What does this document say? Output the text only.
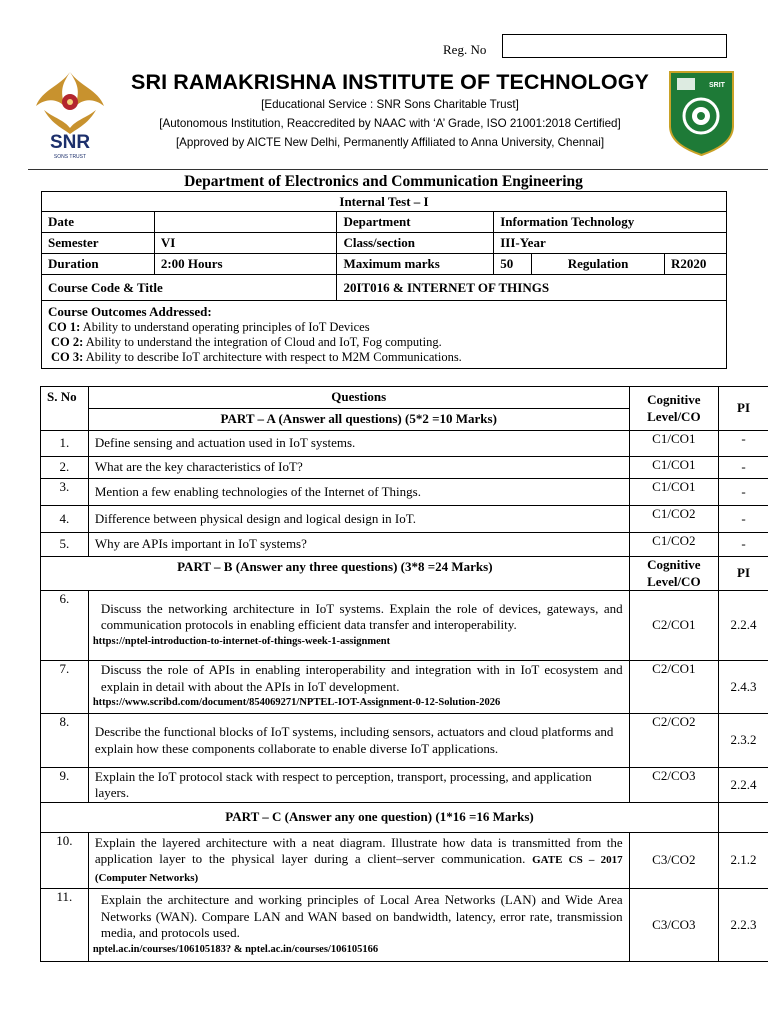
Reg. No
SNR
SONS TRUST
SRI RAMAKRISHNA INSTITUTE OF TECHNOLOGY
[Educational Service : SNR Sons Charitable Trust]
[Autonomous Institution, Reaccredited by NAAC with ‘A’ Grade, ISO 21001:2018 Certified]
[Approved by AICTE New Delhi, Permanently Affiliated to Anna University, Chennai]
SRIT
Department of Electronics and Communication Engineering
Internal Test – I					
Date		Department	Information Technology		
Semester	VI	Class/section	III-Year		
Duration	2:00 Hours	Maximum marks	50	Regulation	R2020
Course Code & Title		20IT016 & INTERNET OF THINGS			

Course Outcomes Addressed:
CO 1: Ability to understand operating principles of IoT Devices
CO 2: Ability to understand the integration of Cloud and IoT, Fog computing.
CO 3: Ability to describe IoT architecture with respect to M2M Communications.					
S. No	Questions	Cognitive Level/CO	PI
	PART – A (Answer all questions) (5*2 =10 Marks)		
1.	Define sensing and actuation used in IoT systems.	C1/CO1	-
2.	What are the key characteristics of IoT?	C1/CO1	-
3.	Mention a few enabling technologies of the Internet of Things.	C1/CO1	-
4.	Difference between physical design and logical design in IoT.	C1/CO2	-
5.	Why are APIs important in IoT systems?	C1/CO2	-
PART – B (Answer any three questions) (3*8 =24 Marks)		Cognitive Level/CO	PI
6.	Discuss the networking architecture in IoT systems. Explain the role of devices, gateways, and communication protocols in enabling efficient data transfer and interoperability.
https://nptel-introduction-to-internet-of-things-week-1-assignment	C2/CO1	2.2.4
7.	Discuss the role of APIs in enabling interoperability and integration with in IoT ecosystem and explain in detail with about the APIs in IoT development.
https://www.scribd.com/document/854069271/NPTEL-IOT-Assignment-0-12-Solution-2026	C2/CO1	2.4.3
8.	Describe the functional blocks of IoT systems, including sensors, actuators and cloud platforms and explain how these components collaborate to enable diverse IoT applications.	C2/CO2	2.3.2
9.	Explain the IoT protocol stack with respect to perception, transport, processing, and application layers.	C2/CO3	2.2.4
PART – C (Answer any one question) (1*16 =16 Marks)			
10.	Explain the layered architecture with a neat diagram. Illustrate how data is transmitted from the application layer to the physical layer during a client–server communication. GATE CS – 2017 (Computer Networks)	C3/CO2	2.1.2
11.	Explain the architecture and working principles of Local Area Networks (LAN) and Wide Area Networks (WAN). Compare LAN and WAN based on bandwidth, latency, error rate, transmission media, and protocols used.
nptel.ac.in/courses/106105183? & nptel.ac.in/courses/106105166	C3/CO3	2.2.3
